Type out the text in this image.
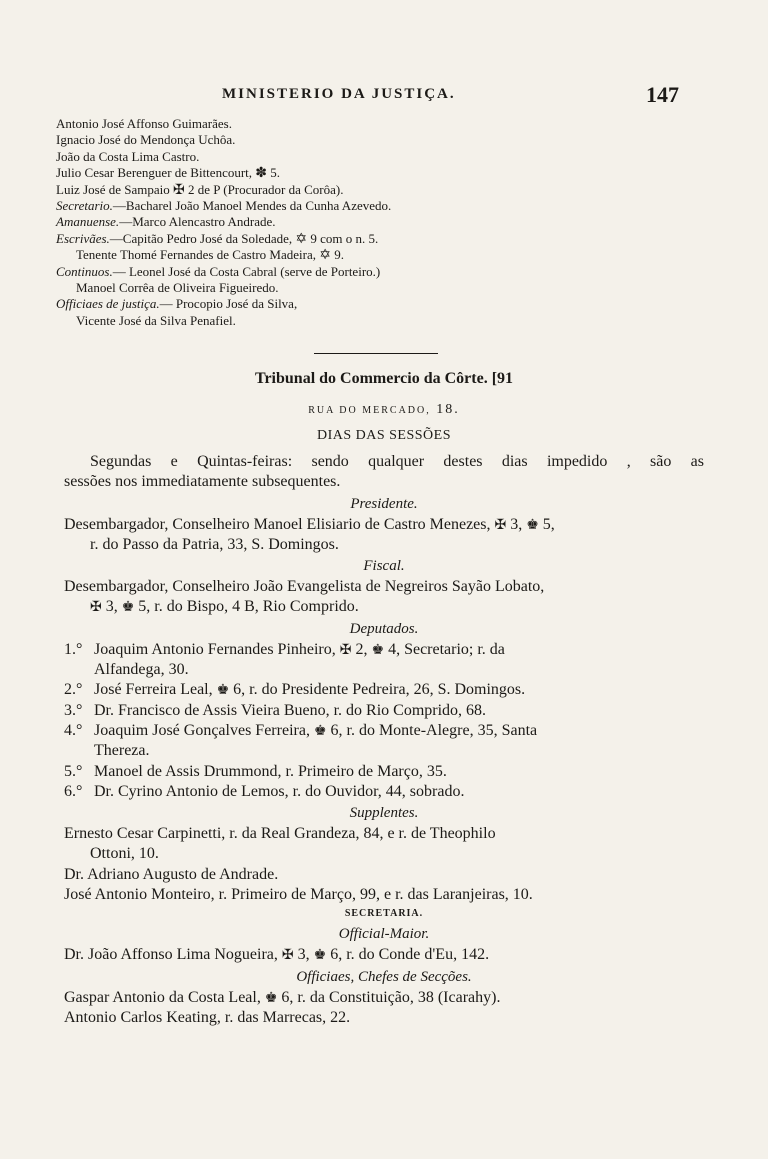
MINISTERIO DA JUSTIÇA.	147
Antonio José Affonso Guimarães.
Ignacio José do Mendonça Uchôa.
João da Costa Lima Castro.
Julio Cesar Berenguer de Bittencourt, ✽ 5.
Luiz José de Sampaio ✠ 2 de P (Procurador da Corôa).
Secretario.—Bacharel João Manoel Mendes da Cunha Azevedo.
Amanuense.—Marco Alencastro Andrade.
Escrivães.—Capitão Pedro José da Soledade, ✡ 9 com o n. 5.
Tenente Thomé Fernandes de Castro Madeira, ✡ 9.
Continuos.— Leonel José da Costa Cabral (serve de Porteiro.)
Manoel Corrêa de Oliveira Figueiredo.
Officiaes de justiça.— Procopio José da Silva,
Vicente José da Silva Penafiel.
Tribunal do Commercio da Côrte. [91
RUA DO MERCADO, 18.
DIAS DAS SESSÕES
Segundas e Quintas-feiras: sendo qualquer destes dias impedido , são as
sessões nos immediatamente subsequentes.
Presidente.
Desembargador, Conselheiro Manoel Elisiario de Castro Menezes, ✠ 3, ♚ 5,
r. do Passo da Patria, 33, S. Domingos.
Fiscal.
Desembargador, Conselheiro João Evangelista de Negreiros Sayão Lobato,
✠ 3, ♚ 5, r. do Bispo, 4 B, Rio Comprido.
Deputados.
1.° Joaquim Antonio Fernandes Pinheiro, ✠ 2, ♚ 4, Secretario; r. da
Alfandega, 30.
2.° José Ferreira Leal, ♚ 6, r. do Presidente Pedreira, 26, S. Domingos.
3.° Dr. Francisco de Assis Vieira Bueno, r. do Rio Comprido, 68.
4.° Joaquim José Gonçalves Ferreira, ♚ 6, r. do Monte-Alegre, 35, Santa
Thereza.
5.° Manoel de Assis Drummond, r. Primeiro de Março, 35.
6.° Dr. Cyrino Antonio de Lemos, r. do Ouvidor, 44, sobrado.
Supplentes.
Ernesto Cesar Carpinetti, r. da Real Grandeza, 84, e r. de Theophilo
Ottoni, 10.
Dr. Adriano Augusto de Andrade.
José Antonio Monteiro, r. Primeiro de Março, 99, e r. das Laranjeiras, 10.
SECRETARIA.
Official-Maior.
Dr. João Affonso Lima Nogueira, ✠ 3, ♚ 6, r. do Conde d'Eu, 142.
Officiaes, Chefes de Secções.
Gaspar Antonio da Costa Leal, ♚ 6, r. da Constituição, 38 (Icarahy).
Antonio Carlos Keating, r. das Marrecas, 22.
